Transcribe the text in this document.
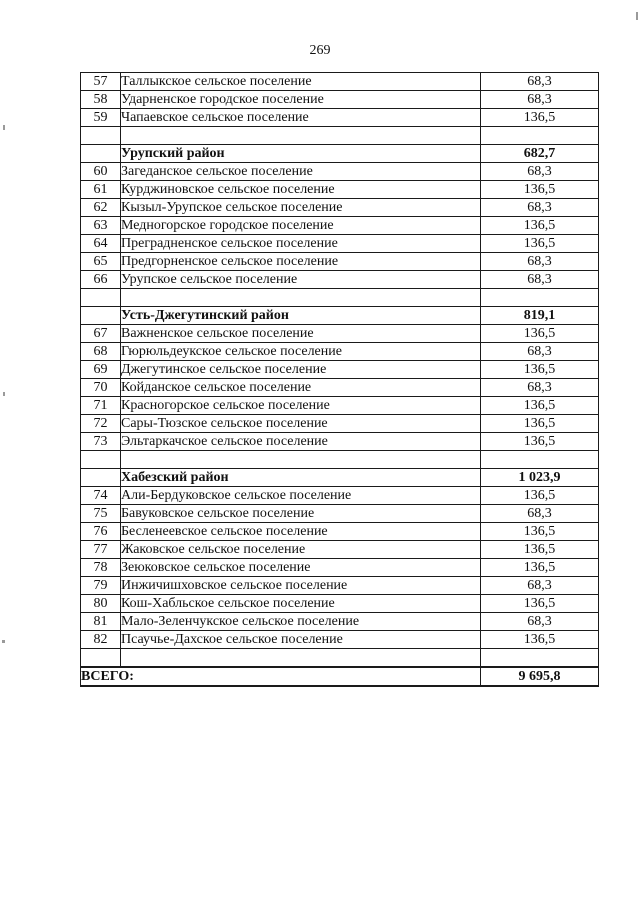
269
57	Таллыкское сельское поселение	68,3
58	Ударненское городское поселение	68,3
59	Чапаевское сельское поселение	136,5

	Урупский район	682,7
60	Загеданское сельское поселение	68,3
61	Курджиновское сельское поселение	136,5
62	Кызыл-Урупское сельское поселение	68,3
63	Медногорское городское поселение	136,5
64	Преградненское сельское поселение	136,5
65	Предгорненское сельское поселение	68,3
66	Урупское сельское поселение	68,3

	Усть-Джегутинский район	819,1
67	Важненское сельское поселение	136,5
68	Гюрюльдеукское сельское поселение	68,3
69	Джегутинское сельское поселение	136,5
70	Койданское сельское поселение	68,3
71	Красногорское сельское поселение	136,5
72	Сары-Тюзское сельское поселение	136,5
73	Эльтаркачское сельское поселение	136,5

	Хабезский район	1 023,9
74	Али-Бердуковское сельское поселение	136,5
75	Бавуковское сельское поселение	68,3
76	Бесленеевское сельское поселение	136,5
77	Жаковское сельское поселение	136,5
78	Зеюковское сельское поселение	136,5
79	Инжичишховское сельское поселение	68,3
80	Кош-Хабльское сельское поселение	136,5
81	Мало-Зеленчукское сельское поселение	68,3
82	Псаучье-Дахское сельское поселение	136,5

ВСЕГО:		9 695,8
